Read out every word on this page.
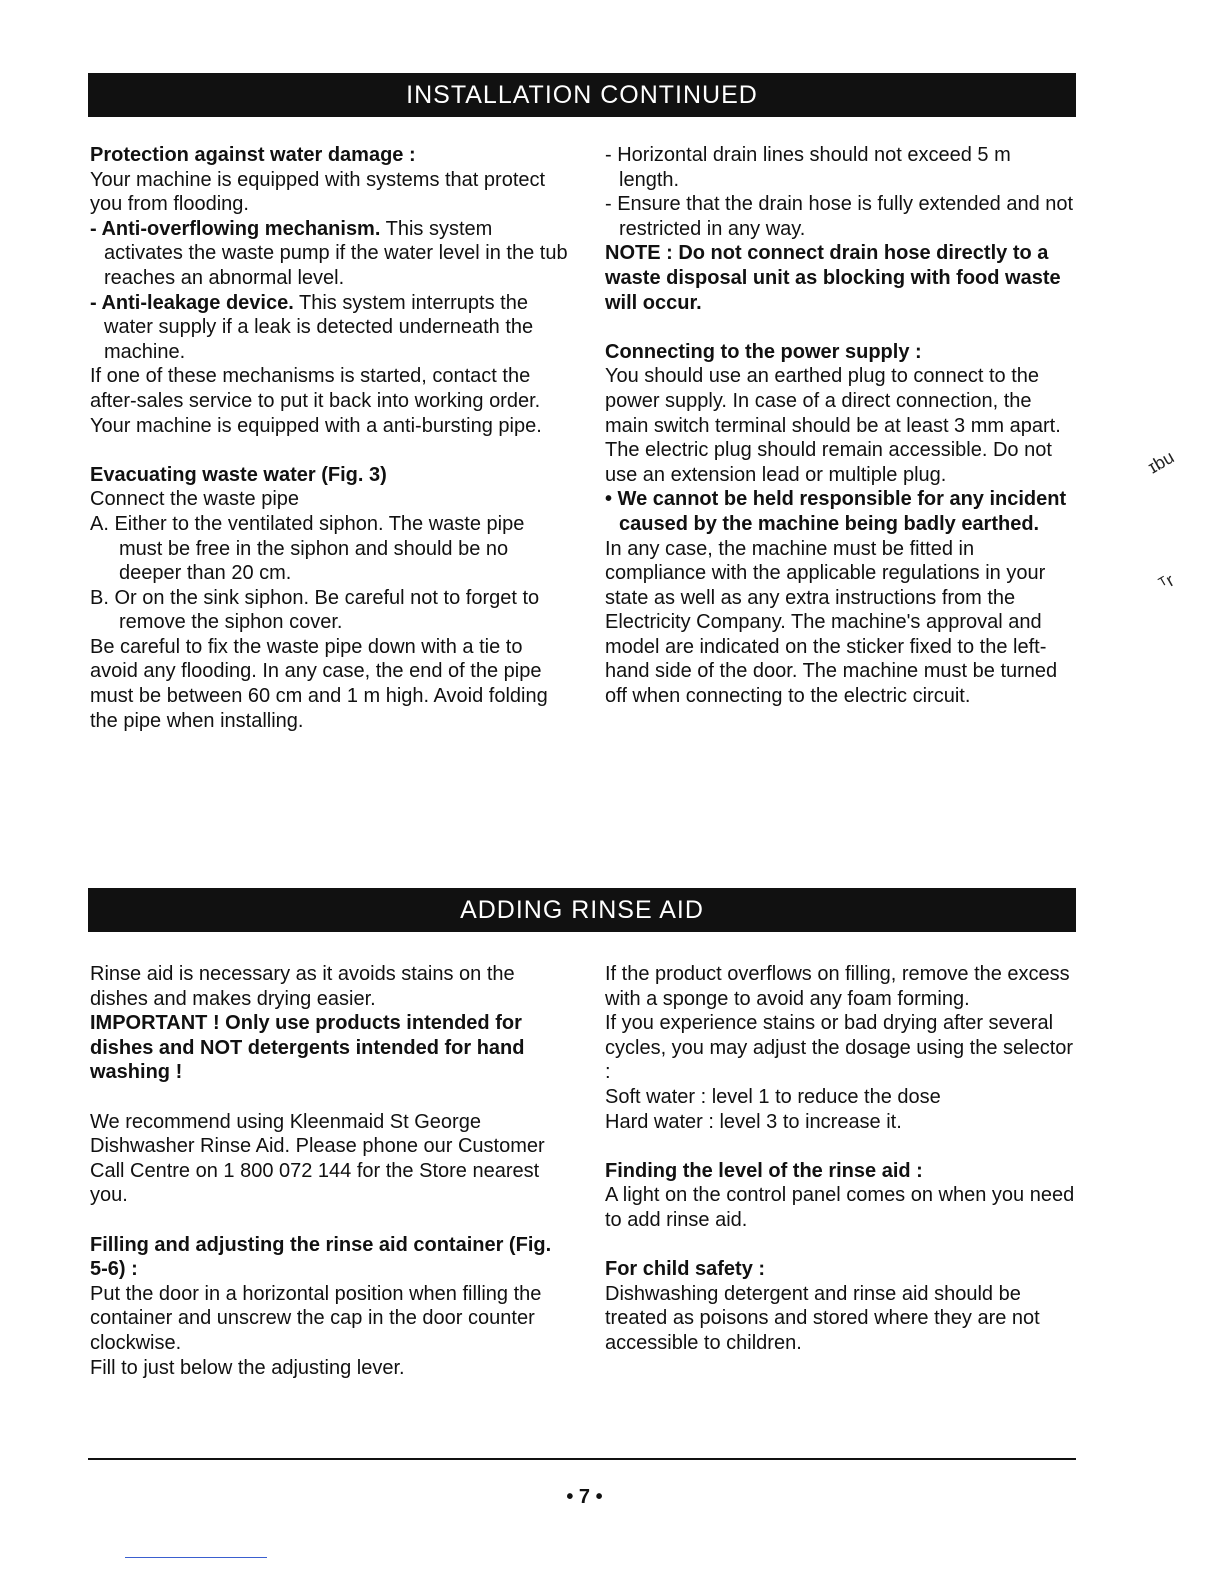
INSTALLATION CONTINUED

Protection against water damage :

Your machine is equipped with systems that protect you from flooding.

- Anti-overflowing mechanism. This system activates the waste pump if the water level in the tub reaches an abnormal level.

- Anti-leakage device. This system interrupts the water supply if a leak is detected underneath the machine.

If one of these mechanisms is started, contact the after-sales service to put it back into working order.

Your machine is equipped with a anti-bursting pipe.

Evacuating waste water (Fig. 3)

Connect the waste pipe

A. Either to the ventilated siphon. The waste pipe must be free in the siphon and should be no deeper than 20 cm.

B. Or on the sink siphon. Be careful not to forget to remove the siphon cover.

Be careful to fix the waste pipe down with a tie to avoid any flooding. In any case, the end of the pipe must be between 60 cm and 1 m high. Avoid folding the pipe when installing.

- Horizontal drain lines should not exceed 5 m length.

- Ensure that the drain hose is fully extended and not restricted in any way.

NOTE : Do not connect drain hose directly to a waste disposal unit as blocking with food waste will occur.

Connecting to the power supply :

You should use an earthed plug to connect to the power supply. In case of a direct connection, the main switch terminal should be at least 3 mm apart.

The electric plug should remain accessible. Do not use an extension lead or multiple plug.

• We cannot be held responsible for any incident caused by the machine being badly earthed.

In any case, the machine must be fitted in compliance with the applicable regulations in your state as well as any extra instructions from the Electricity Company. The machine's approval and model are indicated on the sticker fixed to the left-hand side of the door. The machine must be turned off when connecting to the electric circuit.

ADDING RINSE AID

Rinse aid is necessary as it avoids stains on the dishes and makes drying easier.

IMPORTANT ! Only use products intended for dishes and NOT detergents intended for hand washing !

We recommend using Kleenmaid St George Dishwasher Rinse Aid. Please phone our Customer Call Centre on 1 800 072 144 for the Store nearest you.

Filling and adjusting the rinse aid container (Fig. 5-6) :

Put the door in a horizontal position when filling the container and unscrew the cap in the door counter clockwise.

Fill to just below the adjusting lever.

If the product overflows on filling, remove the excess with a sponge to avoid any foam forming.

If you experience stains or bad drying after several cycles, you may adjust the dosage using the selector :

Soft water : level 1 to reduce the dose

Hard water : level 3 to increase it.

Finding the level of the rinse aid :

A light on the control panel comes on when you need to add rinse aid.

For child safety :

Dishwashing detergent and rinse aid should be treated as poisons and stored where they are not accessible to children.

• 7 •
ɪbu
ᵀr
